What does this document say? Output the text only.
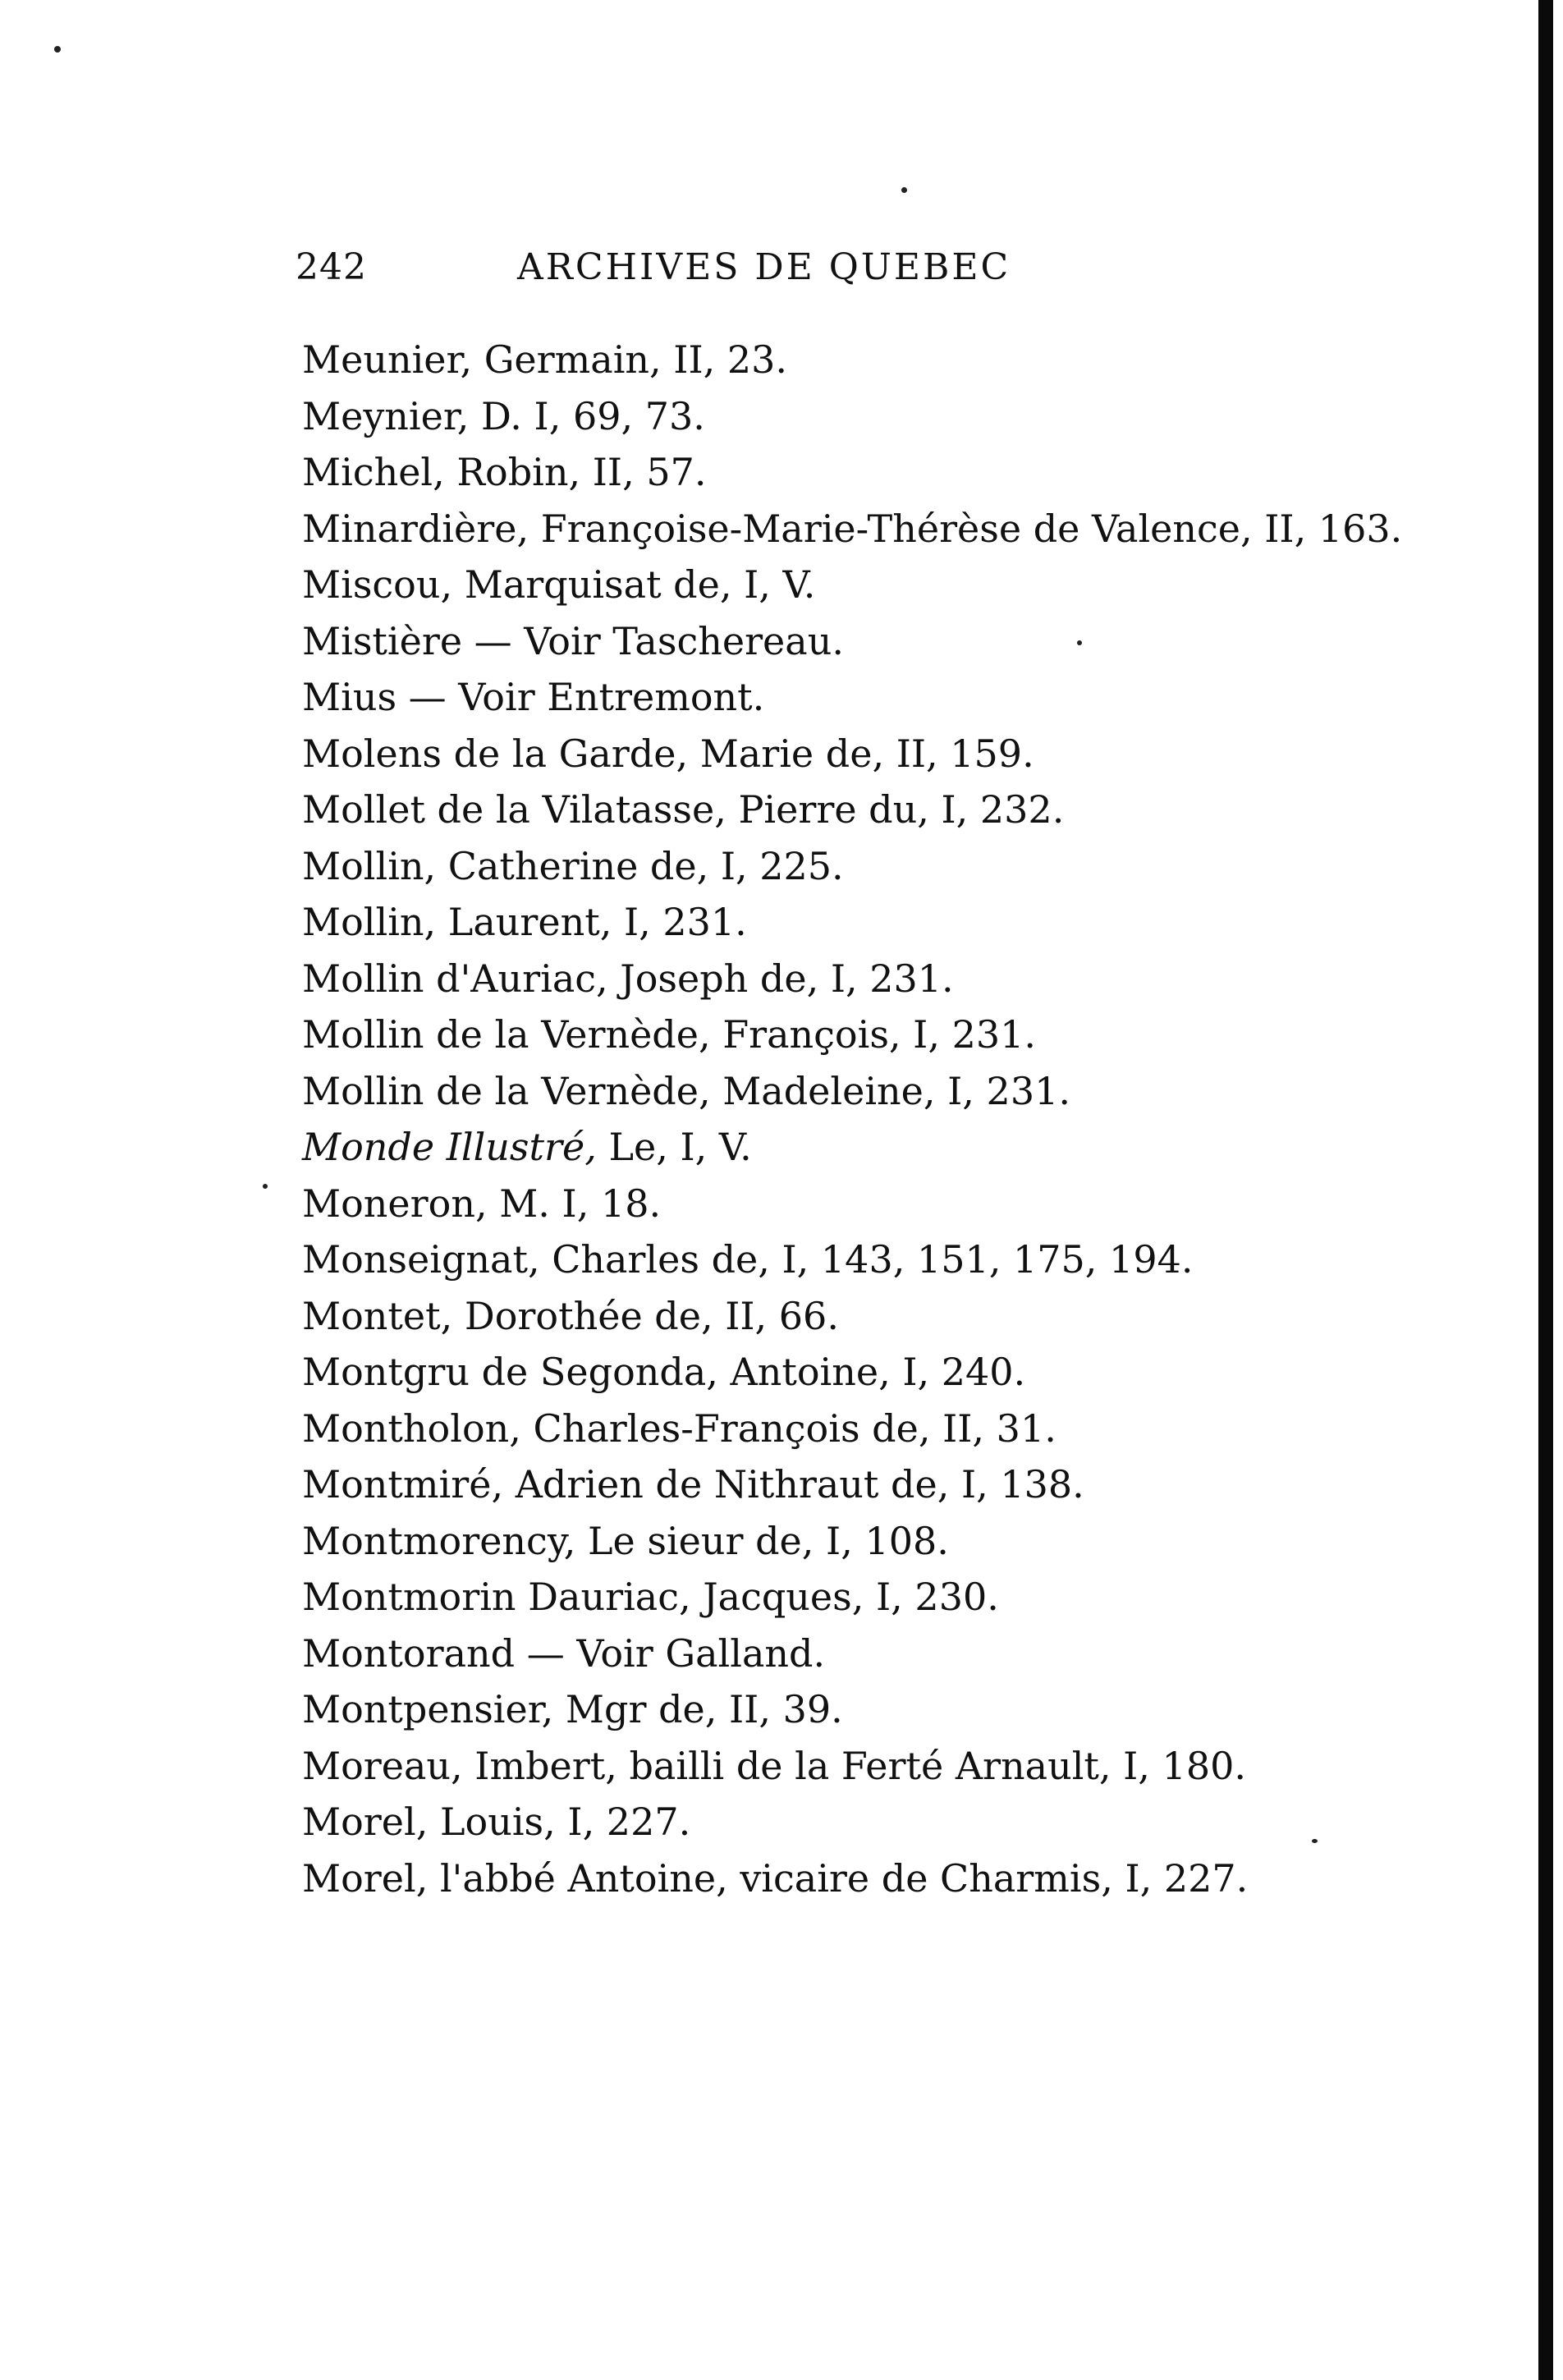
242	ARCHIVES DE QUEBEC
Meunier, Germain, II, 23.
Meynier, D. I, 69, 73.
Michel, Robin, II, 57.
Minardière, Françoise-Marie-Thérèse de Valence, II, 163.
Miscou, Marquisat de, I, V.
Mistière — Voir Taschereau.
Mius — Voir Entremont.
Molens de la Garde, Marie de, II, 159.
Mollet de la Vilatasse, Pierre du, I, 232.
Mollin, Catherine de, I, 225.
Mollin, Laurent, I, 231.
Mollin d'Auriac, Joseph de, I, 231.
Mollin de la Vernède, François, I, 231.
Mollin de la Vernède, Madeleine, I, 231.
Monde Illustré, Le, I, V.
Moneron, M. I, 18.
Monseignat, Charles de, I, 143, 151, 175, 194.
Montet, Dorothée de, II, 66.
Montgru de Segonda, Antoine, I, 240.
Montholon, Charles-François de, II, 31.
Montmiré, Adrien de Nithraut de, I, 138.
Montmorency, Le sieur de, I, 108.
Montmorin Dauriac, Jacques, I, 230.
Montorand — Voir Galland.
Montpensier, Mgr de, II, 39.
Moreau, Imbert, bailli de la Ferté Arnault, I, 180.
Morel, Louis, I, 227.
Morel, l'abbé Antoine, vicaire de Charmis, I, 227.
